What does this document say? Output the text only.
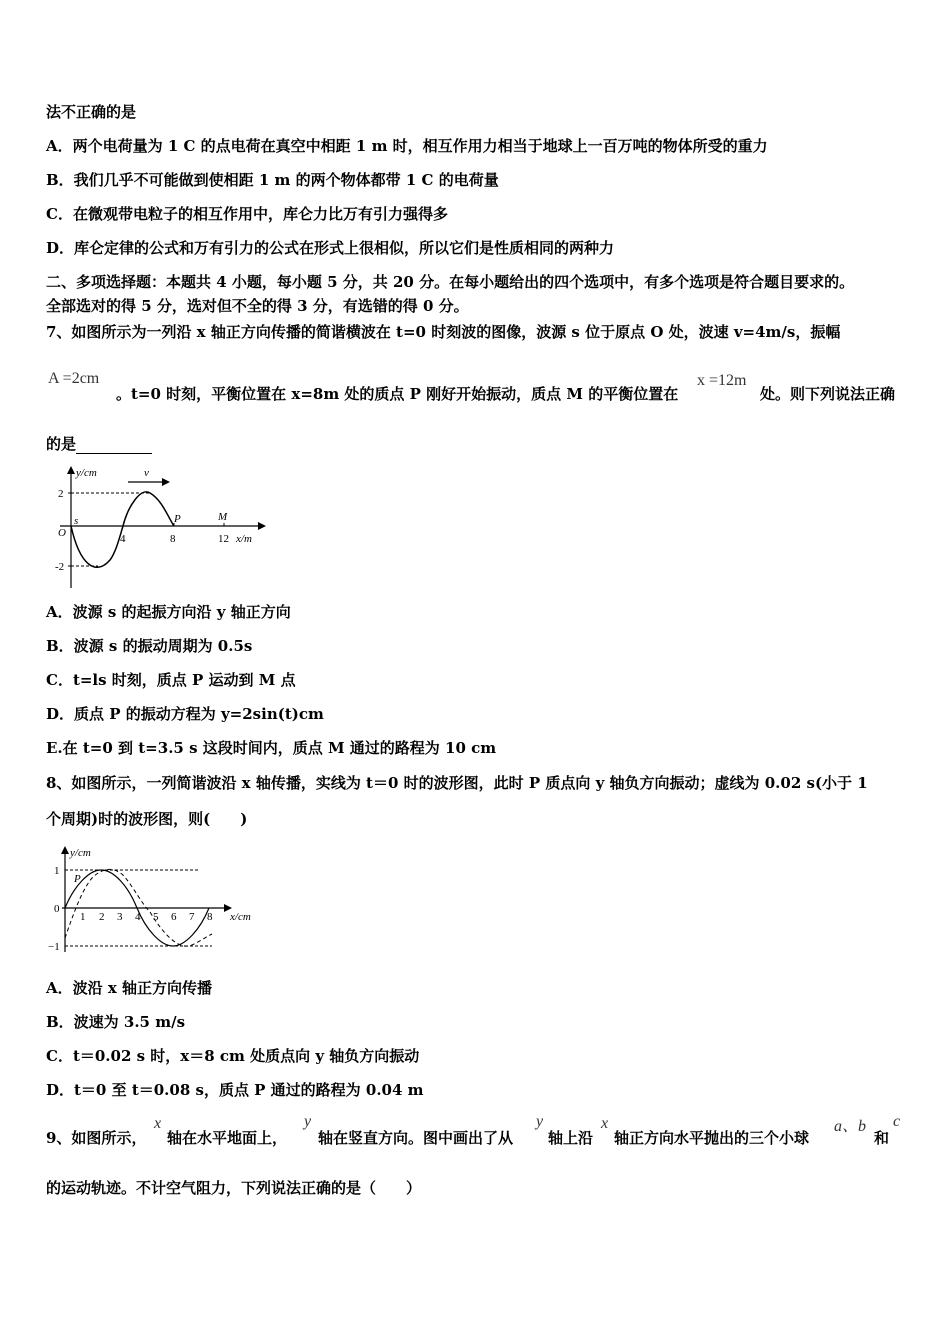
法不正确的是
A．两个电荷量为 1 C 的点电荷在真空中相距 1 m 时，相互作用力相当于地球上一百万吨的物体所受的重力
B．我们几乎不可能做到使相距 1 m 的两个物体都带 1 C 的电荷量
C．在微观带电粒子的相互作用中，库仑力比万有引力强得多
D．库仑定律的公式和万有引力的公式在形式上很相似，所以它们是性质相同的两种力
二、多项选择题：本题共 4 小题，每小题 5 分，共 20 分。在每小题给出的四个选项中，有多个选项是符合题目要求的。
全部选对的得 5 分，选对但不全的得 3 分，有选错的得 0 分。
7、如图所示为一列沿 x 轴正方向传播的简谐横波在 t=0 时刻波的图像，波源 s 位于原点 O 处，波速 v=4m/s，振幅
A =2cm
。t=0 时刻，平衡位置在 x=8m 处的质点 P 刚好开始振动，质点 M 的平衡位置在
x =12m
处。则下列说法正确
的是
y/cm
x/m
O
s
2
-2
v
4	8	12
P	M
A．波源 s 的起振方向沿 y 轴正方向
B．波源 s 的振动周期为 0.5s
C．t=ls 时刻，质点 P 运动到 M 点
D．质点 P 的振动方程为 y=2sin(t)cm
E.在 t=0 到 t=3.5 s 这段时间内，质点 M 通过的路程为 10 cm
8、如图所示，一列简谐波沿 x 轴传播，实线为 t＝0 时的波形图，此时 P 质点向 y 轴负方向振动；虚线为 0.02 s(小于 1
个周期)时的波形图，则(　　)
y/cm
x/cm
1
0
−1
P
1 2 3 4 5 6 7 8
A．波沿 x 轴正方向传播
B．波速为 3.5 m/s
C．t＝0.02 s 时，x＝8 cm 处质点向 y 轴负方向振动
D．t＝0 至 t＝0.08 s，质点 P 通过的路程为 0.04 m
9、如图所示，
x
轴在水平地面上，
y
轴在竖直方向。图中画出了从
y
轴上沿
x
轴正方向水平抛出的三个小球
a、b
和
c
的运动轨迹。不计空气阻力，下列说法正确的是（　　）
